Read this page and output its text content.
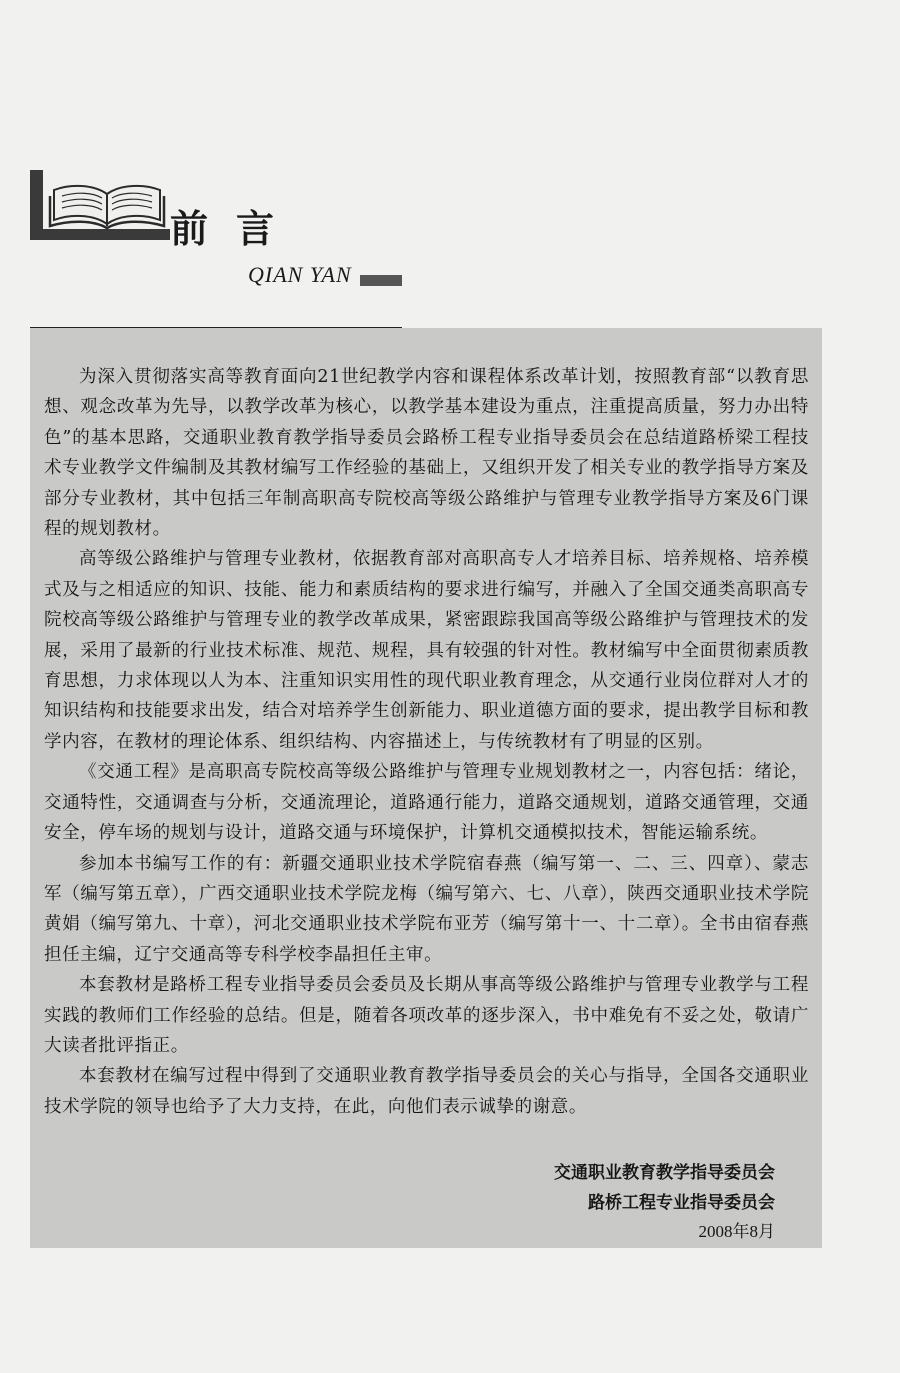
前言
QIAN YAN

为深入贯彻落实高等教育面向21世纪教学内容和课程体系改革计划，按照教育部“以教育思想、观念改革为先导，以教学改革为核心，以教学基本建设为重点，注重提高质量，努力办出特色”的基本思路，交通职业教育教学指导委员会路桥工程专业指导委员会在总结道路桥梁工程技术专业教学文件编制及其教材编写工作经验的基础上，又组织开发了相关专业的教学指导方案及部分专业教材，其中包括三年制高职高专院校高等级公路维护与管理专业教学指导方案及6门课程的规划教材。

高等级公路维护与管理专业教材，依据教育部对高职高专人才培养目标、培养规格、培养模式及与之相适应的知识、技能、能力和素质结构的要求进行编写，并融入了全国交通类高职高专院校高等级公路维护与管理专业的教学改革成果，紧密跟踪我国高等级公路维护与管理技术的发展，采用了最新的行业技术标准、规范、规程，具有较强的针对性。教材编写中全面贯彻素质教育思想，力求体现以人为本、注重知识实用性的现代职业教育理念，从交通行业岗位群对人才的知识结构和技能要求出发，结合对培养学生创新能力、职业道德方面的要求，提出教学目标和教学内容，在教材的理论体系、组织结构、内容描述上，与传统教材有了明显的区别。

《交通工程》是高职高专院校高等级公路维护与管理专业规划教材之一，内容包括：绪论，交通特性，交通调查与分析，交通流理论，道路通行能力，道路交通规划，道路交通管理，交通安全，停车场的规划与设计，道路交通与环境保护，计算机交通模拟技术，智能运输系统。

参加本书编写工作的有：新疆交通职业技术学院宿春燕（编写第一、二、三、四章）、蒙志军（编写第五章），广西交通职业技术学院龙梅（编写第六、七、八章），陕西交通职业技术学院黄娟（编写第九、十章），河北交通职业技术学院布亚芳（编写第十一、十二章）。全书由宿春燕担任主编，辽宁交通高等专科学校李晶担任主审。

本套教材是路桥工程专业指导委员会委员及长期从事高等级公路维护与管理专业教学与工程实践的教师们工作经验的总结。但是，随着各项改革的逐步深入，书中难免有不妥之处，敬请广大读者批评指正。

本套教材在编写过程中得到了交通职业教育教学指导委员会的关心与指导，全国各交通职业技术学院的领导也给予了大力支持，在此，向他们表示诚挚的谢意。

交通职业教育教学指导委员会
路桥工程专业指导委员会
2008年8月
